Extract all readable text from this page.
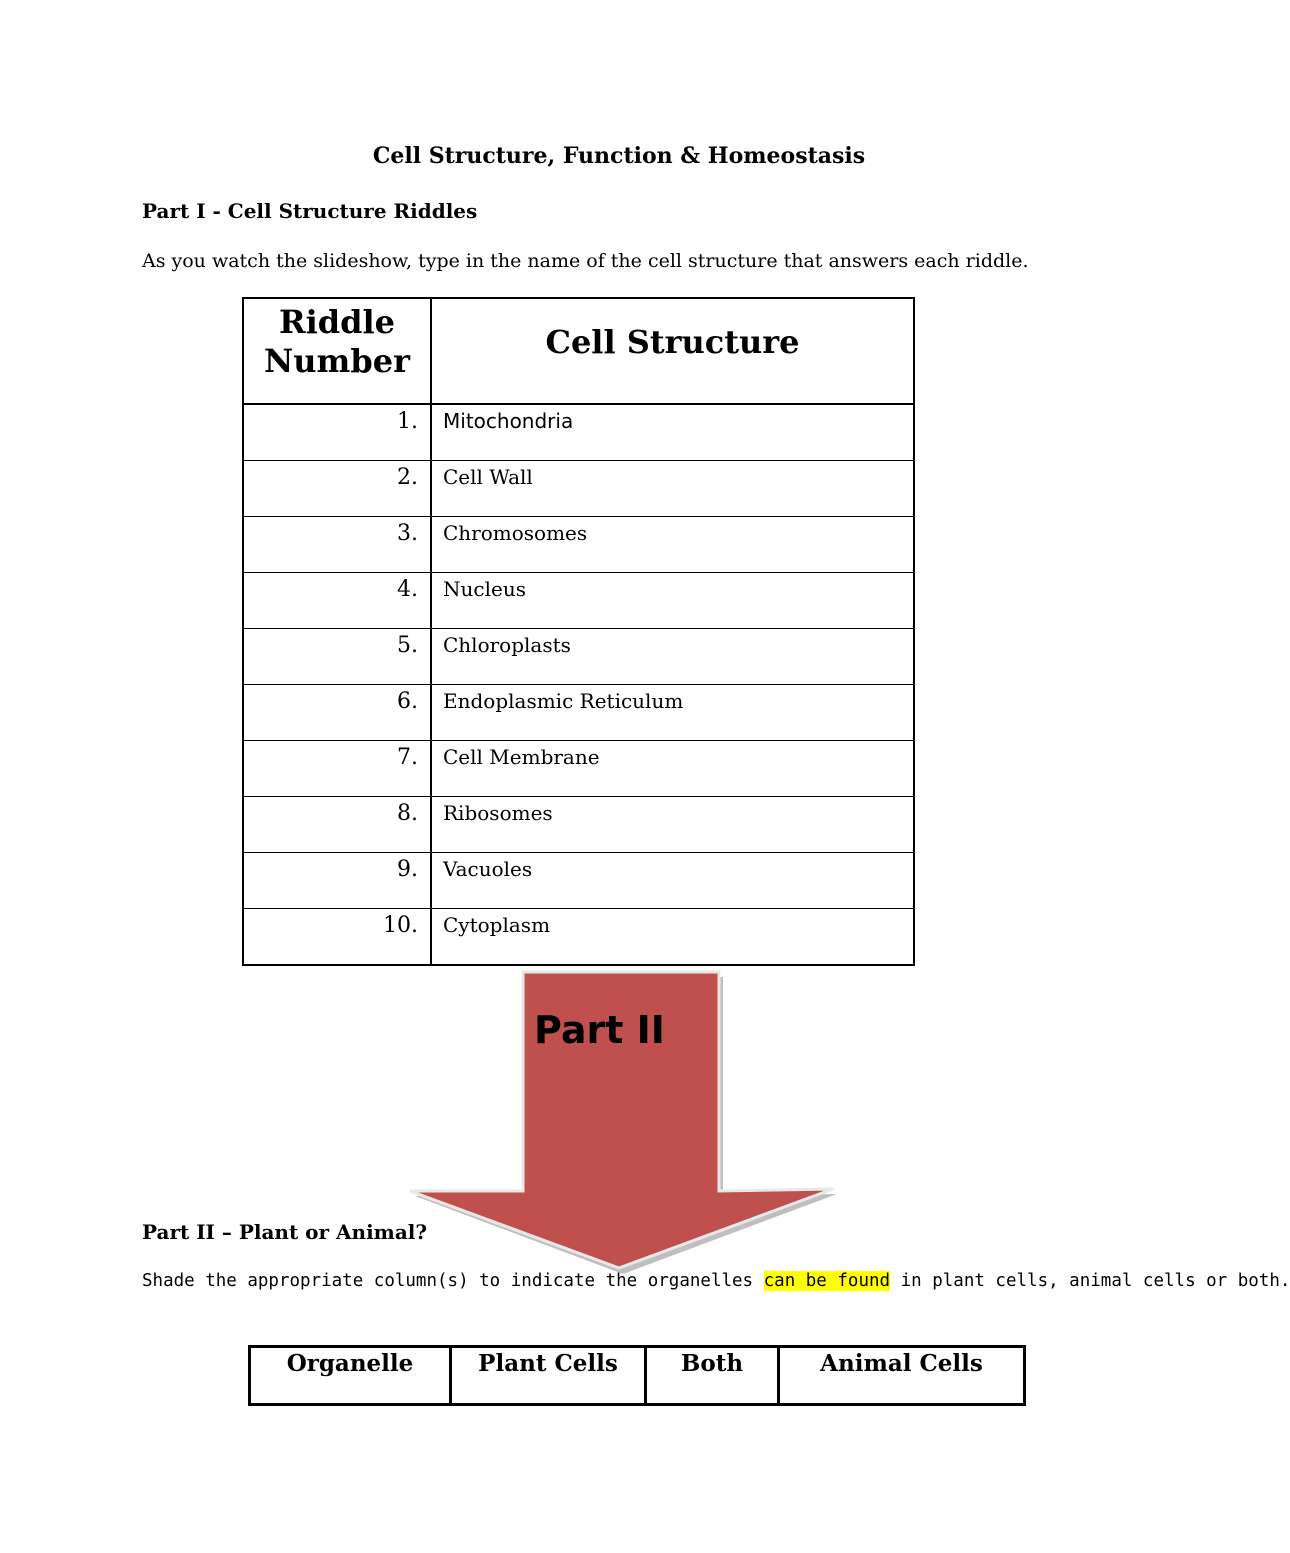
Cell Structure, Function & Homeostasis
Part I - Cell Structure Riddles
As you watch the slideshow, type in the name of the cell structure that answers each riddle.
Riddle
Number	Cell Structure

1.	Mitochondria

2.	Cell Wall

3.	Chromosomes

4.	Nucleus

5.	Chloroplasts

6.	Endoplasmic Reticulum

7.	Cell Membrane

8.	Ribosomes

9.	Vacuoles

10.	Cytoplasm
Part II
Part II – Plant or Animal?
Shade the appropriate column(s) to indicate the organelles can be found in plant cells, animal cells or both.
Organelle	Plant Cells	Both	Animal Cells
